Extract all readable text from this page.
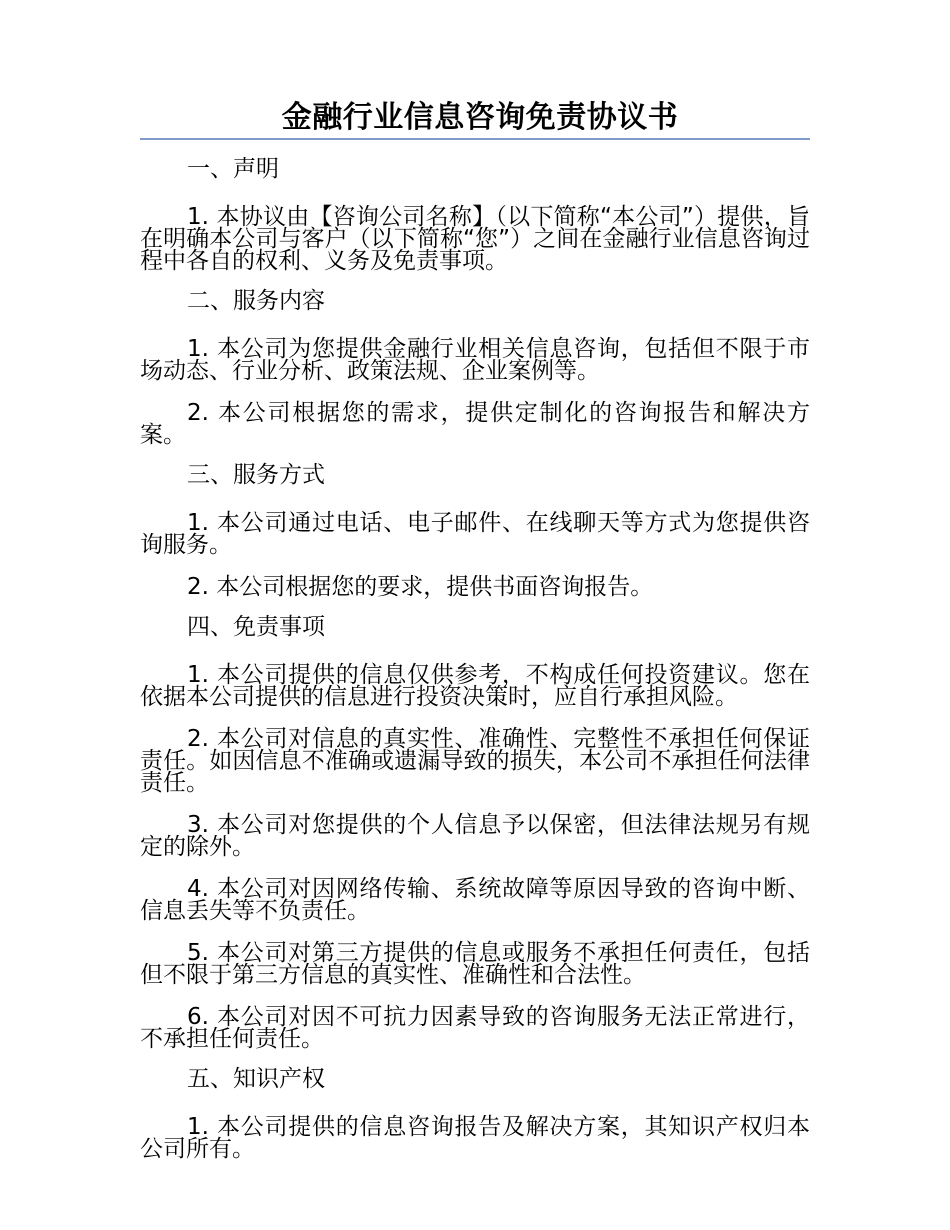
金融行业信息咨询免责协议书
一、声明
1. 本协议由【咨询公司名称】（以下简称“本公司”）提供，旨在明确本公司与客户（以下简称“您”）之间在金融行业信息咨询过程中各自的权利、义务及免责事项。
二、服务内容
1. 本公司为您提供金融行业相关信息咨询，包括但不限于市场动态、行业分析、政策法规、企业案例等。
2. 本公司根据您的需求，提供定制化的咨询报告和解决方案。
三、服务方式
1. 本公司通过电话、电子邮件、在线聊天等方式为您提供咨询服务。
2. 本公司根据您的要求，提供书面咨询报告。
四、免责事项
1. 本公司提供的信息仅供参考，不构成任何投资建议。您在依据本公司提供的信息进行投资决策时，应自行承担风险。
2. 本公司对信息的真实性、准确性、完整性不承担任何保证责任。如因信息不准确或遗漏导致的损失，本公司不承担任何法律责任。
3. 本公司对您提供的个人信息予以保密，但法律法规另有规定的除外。
4. 本公司对因网络传输、系统故障等原因导致的咨询中断、信息丢失等不负责任。
5. 本公司对第三方提供的信息或服务不承担任何责任，包括但不限于第三方信息的真实性、准确性和合法性。
6. 本公司对因不可抗力因素导致的咨询服务无法正常进行，不承担任何责任。
五、知识产权
1. 本公司提供的信息咨询报告及解决方案，其知识产权归本公司所有。
